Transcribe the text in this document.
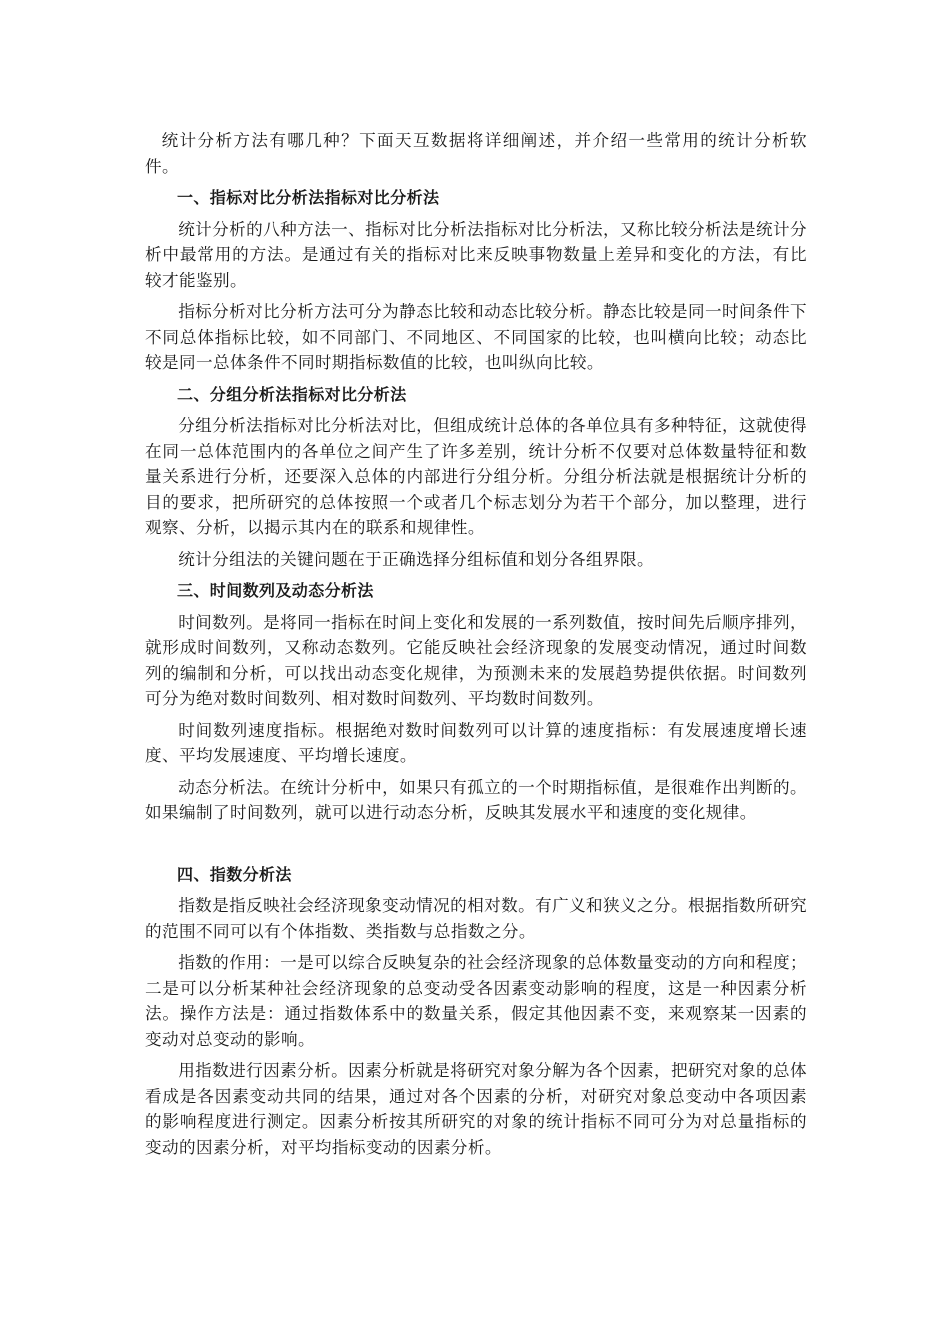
统计分析方法有哪几种？下面天互数据将详细阐述，并介绍一些常用的统计分析软件。

一、指标对比分析法指标对比分析法

统计分析的八种方法一、指标对比分析法指标对比分析法，又称比较分析法是统计分析中最常用的方法。是通过有关的指标对比来反映事物数量上差异和变化的方法，有比较才能鉴别。

指标分析对比分析方法可分为静态比较和动态比较分析。静态比较是同一时间条件下不同总体指标比较，如不同部门、不同地区、不同国家的比较，也叫横向比较；动态比较是同一总体条件不同时期指标数值的比较，也叫纵向比较。

二、分组分析法指标对比分析法

分组分析法指标对比分析法对比，但组成统计总体的各单位具有多种特征，这就使得在同一总体范围内的各单位之间产生了许多差别，统计分析不仅要对总体数量特征和数量关系进行分析，还要深入总体的内部进行分组分析。分组分析法就是根据统计分析的目的要求，把所研究的总体按照一个或者几个标志划分为若干个部分，加以整理，进行观察、分析，以揭示其内在的联系和规律性。

统计分组法的关键问题在于正确选择分组标值和划分各组界限。

三、时间数列及动态分析法

时间数列。是将同一指标在时间上变化和发展的一系列数值，按时间先后顺序排列，就形成时间数列，又称动态数列。它能反映社会经济现象的发展变动情况，通过时间数列的编制和分析，可以找出动态变化规律，为预测未来的发展趋势提供依据。时间数列可分为绝对数时间数列、相对数时间数列、平均数时间数列。

时间数列速度指标。根据绝对数时间数列可以计算的速度指标：有发展速度增长速度、平均发展速度、平均增长速度。

动态分析法。在统计分析中，如果只有孤立的一个时期指标值，是很难作出判断的。如果编制了时间数列，就可以进行动态分析，反映其发展水平和速度的变化规律。

四、指数分析法

指数是指反映社会经济现象变动情况的相对数。有广义和狭义之分。根据指数所研究的范围不同可以有个体指数、类指数与总指数之分。

指数的作用：一是可以综合反映复杂的社会经济现象的总体数量变动的方向和程度；二是可以分析某种社会经济现象的总变动受各因素变动影响的程度，这是一种因素分析法。操作方法是：通过指数体系中的数量关系，假定其他因素不变，来观察某一因素的变动对总变动的影响。

用指数进行因素分析。因素分析就是将研究对象分解为各个因素，把研究对象的总体看成是各因素变动共同的结果，通过对各个因素的分析，对研究对象总变动中各项因素的影响程度进行测定。因素分析按其所研究的对象的统计指标不同可分为对总量指标的变动的因素分析，对平均指标变动的因素分析。
